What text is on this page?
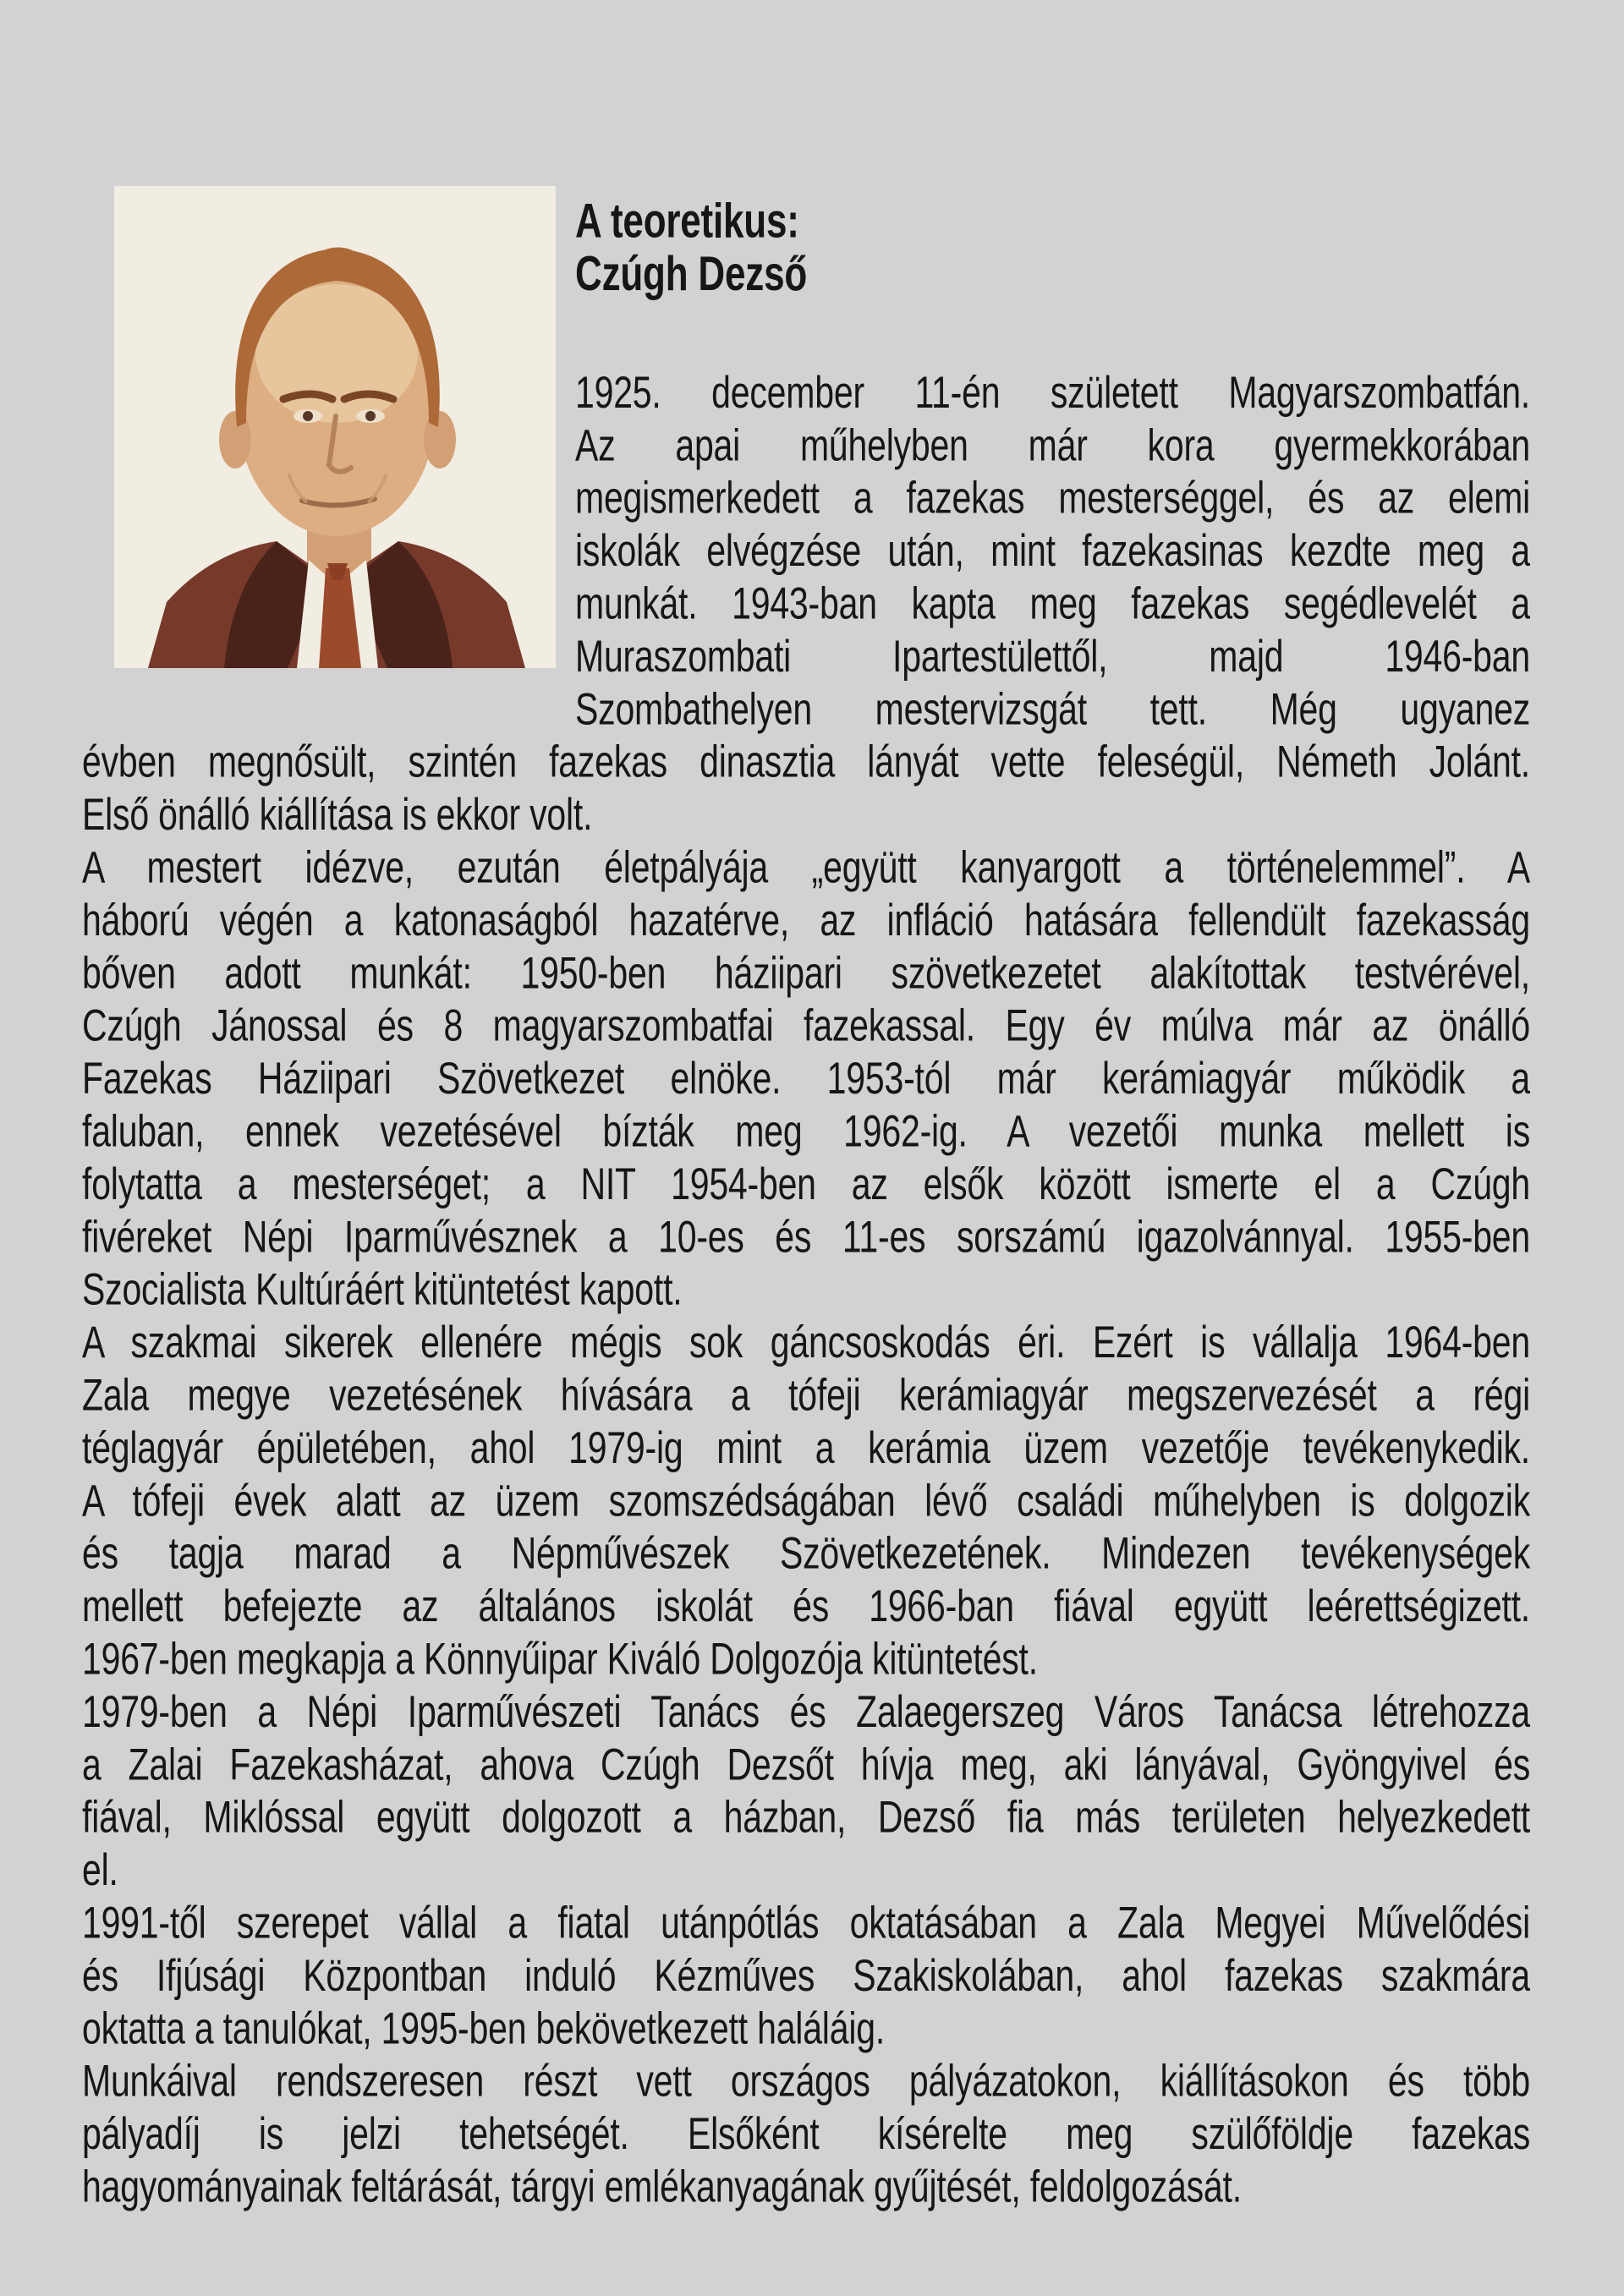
A teoretikus:
Czúgh Dezső
1925. december 11-én született Magyarszombatfán.
Az apai műhelyben már kora gyermekkorában
megismerkedett a fazekas mesterséggel, és az elemi
iskolák elvégzése után, mint fazekasinas kezdte meg a
munkát. 1943-ban kapta meg fazekas segédlevelét a
Muraszombati Ipartestülettől, majd 1946-ban
Szombathelyen mestervizsgát tett. Még ugyanez
évben megnősült, szintén fazekas dinasztia lányát vette feleségül, Németh Jolánt.
Első önálló kiállítása is ekkor volt.
A mestert idézve, ezután életpályája „együtt kanyargott a történelemmel”. A
háború végén a katonaságból hazatérve, az infláció hatására fellendült fazekasság
bőven adott munkát: 1950-ben háziipari szövetkezetet alakítottak testvérével,
Czúgh Jánossal és 8 magyarszombatfai fazekassal. Egy év múlva már az önálló
Fazekas Háziipari Szövetkezet elnöke. 1953-tól már kerámiagyár működik a
faluban, ennek vezetésével bízták meg 1962-ig. A vezetői munka mellett is
folytatta a mesterséget; a NIT 1954-ben az elsők között ismerte el a Czúgh
fivéreket Népi Iparművésznek a 10-es és 11-es sorszámú igazolvánnyal. 1955-ben
Szocialista Kultúráért kitüntetést kapott.
A szakmai sikerek ellenére mégis sok gáncsoskodás éri. Ezért is vállalja 1964-ben
Zala megye vezetésének hívására a tófeji kerámiagyár megszervezését a régi
téglagyár épületében, ahol 1979-ig mint a kerámia üzem vezetője tevékenykedik.
A tófeji évek alatt az üzem szomszédságában lévő családi műhelyben is dolgozik
és tagja marad a Népművészek Szövetkezetének. Mindezen tevékenységek
mellett befejezte az általános iskolát és 1966-ban fiával együtt leérettségizett.
1967-ben megkapja a Könnyűipar Kiváló Dolgozója kitüntetést.
1979-ben a Népi Iparművészeti Tanács és Zalaegerszeg Város Tanácsa létrehozza
a Zalai Fazekasházat, ahova Czúgh Dezsőt hívja meg, aki lányával, Gyöngyivel és
fiával, Miklóssal együtt dolgozott a házban, Dezső fia más területen helyezkedett
el.
1991-től szerepet vállal a fiatal utánpótlás oktatásában a Zala Megyei Művelődési
és Ifjúsági Központban induló Kézműves Szakiskolában, ahol fazekas szakmára
oktatta a tanulókat, 1995-ben bekövetkezett haláláig.
Munkáival rendszeresen részt vett országos pályázatokon, kiállításokon és több
pályadíj is jelzi tehetségét. Elsőként kísérelte meg szülőföldje fazekas
hagyományainak feltárását, tárgyi emlékanyagának gyűjtését, feldolgozását.
